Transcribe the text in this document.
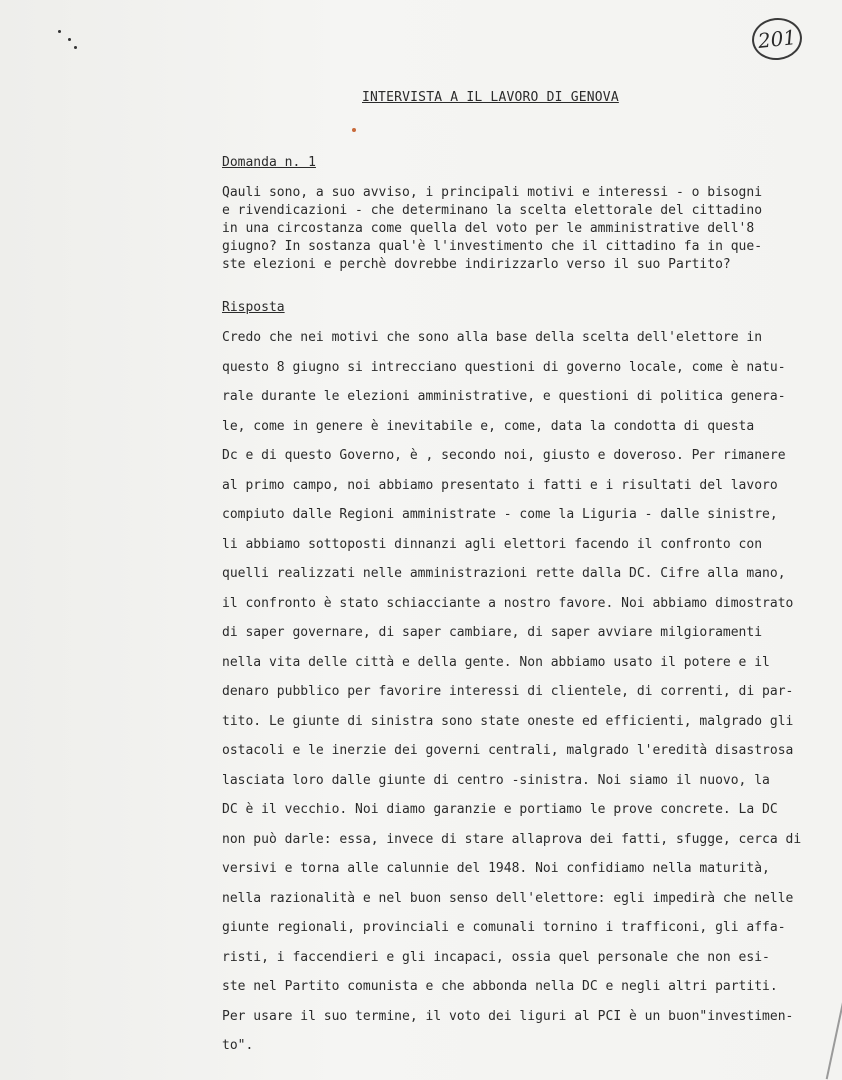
201
INTERVISTA A IL LAVORO DI GENOVA
Domanda n. 1
Qauli sono, a suo avviso, i principali motivi e interessi - o bisogni
e rivendicazioni - che determinano la scelta elettorale del cittadino
in una circostanza come quella del voto per le amministrative dell'8
giugno? In sostanza qual'è l'investimento che il cittadino fa in que-
ste elezioni e perchè dovrebbe indirizzarlo verso il suo Partito?
Risposta
Credo che nei motivi che sono alla base della scelta dell'elettore in
questo 8 giugno si intrecciano questioni di governo locale, come è natu-
rale durante le elezioni amministrative, e questioni di politica genera-
le, come in genere è inevitabile e, come, data la condotta di questa
Dc e di questo Governo, è , secondo noi, giusto e doveroso. Per rimanere
al primo campo, noi abbiamo presentato i fatti e i risultati del lavoro
compiuto dalle Regioni amministrate - come la Liguria - dalle sinistre,
li abbiamo sottoposti dinnanzi agli elettori facendo il confronto con
quelli realizzati nelle amministrazioni rette dalla DC. Cifre alla mano,
il confronto è stato schiacciante a nostro favore. Noi abbiamo dimostrato
di saper governare, di saper cambiare, di saper avviare milgioramenti
nella vita delle città e della gente. Non abbiamo usato il potere e il
denaro pubblico per favorire interessi di clientele, di correnti, di par-
tito. Le giunte di sinistra sono state oneste ed efficienti, malgrado gli
ostacoli e le inerzie dei governi centrali, malgrado l'eredità disastrosa
lasciata loro dalle giunte di centro -sinistra. Noi siamo il nuovo, la
DC è il vecchio. Noi diamo garanzie e portiamo le prove concrete. La DC
non può darle: essa, invece di stare allaprova dei fatti, sfugge, cerca di
versivi e torna alle calunnie del 1948. Noi confidiamo nella maturità,
nella razionalità e nel buon senso dell'elettore: egli impedirà che nelle
giunte regionali, provinciali e comunali tornino i trafficoni, gli affa-
risti, i faccendieri e gli incapaci, ossia quel personale che non esi-
ste nel Partito comunista e che abbonda nella DC e negli altri partiti.
Per usare il suo termine, il voto dei liguri al PCI è un buon"investimen-
to".
